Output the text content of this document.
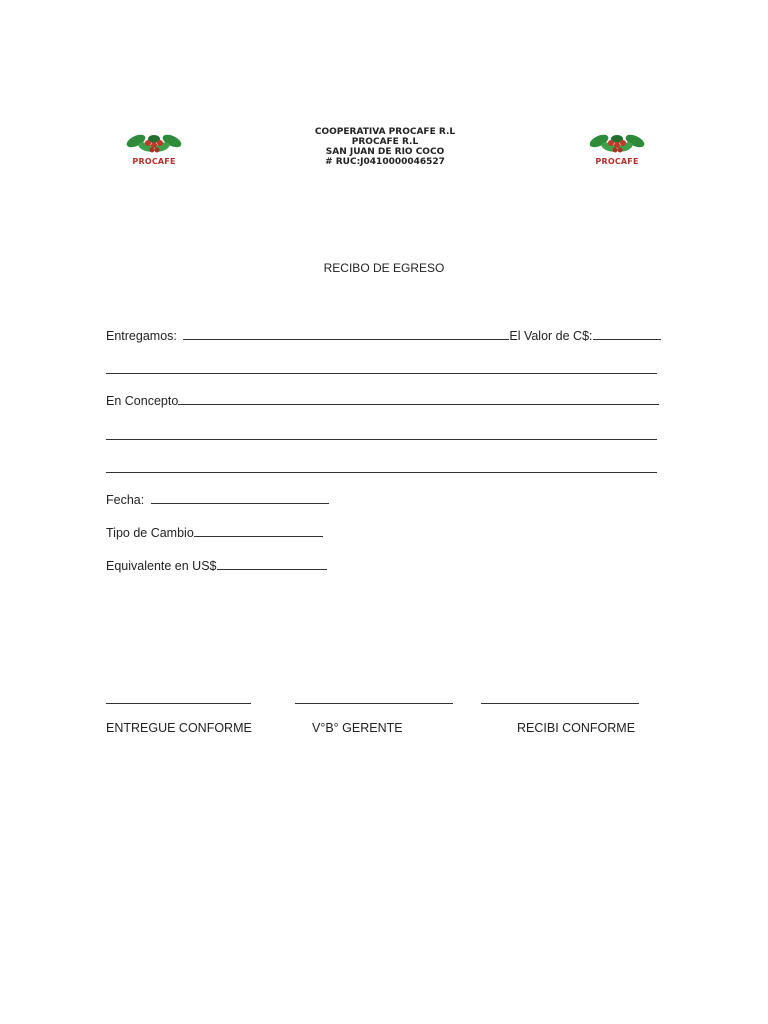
PROCAFE
COOPERATIVA PROCAFE R.L
PROCAFE R.L
SAN JUAN DE RIO COCO
# RUC:J0410000046527	PROCAFE
RECIBO DE EGRESO
Entregamos:	El Valor de C$:
En Concepto
Fecha:
Tipo de Cambio
Equivalente en US$
ENTREGUE CONFORME	V°B° GERENTE	RECIBI CONFORME
